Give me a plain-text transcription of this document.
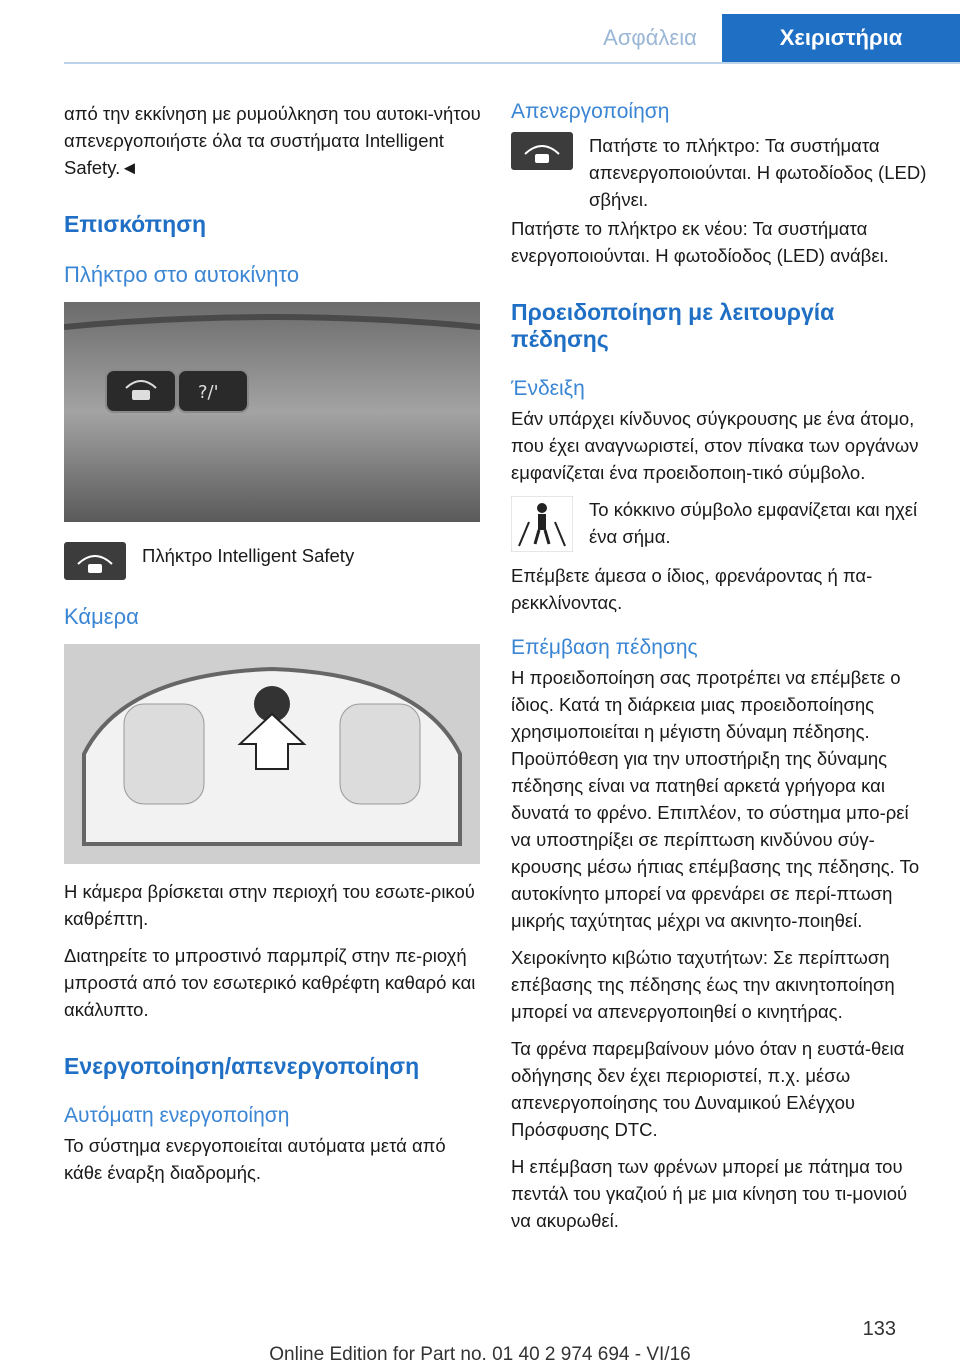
Ασφάλεια	Χειριστήρια

από την εκκίνηση με ρυμούλκηση του αυτοκι‐νήτου απενεργοποιήστε όλα τα συστήματα Intelligent Safety.◄

Επισκόπηση
Πλήκτρο στο αυτοκίνητο
?/'

Πλήκτρο Intelligent Safety

Κάμερα

Η κάμερα βρίσκεται στην περιοχή του εσωτε‐ρικού καθρέπτη.

Διατηρείτε το μπροστινό παρμπρίζ στην πε‐ριοχή μπροστά από τον εσωτερικό καθρέφτη καθαρό και ακάλυπτο.

Ενεργοποίηση/απενεργοποίηση
Αυτόματη ενεργοποίηση

Το σύστημα ενεργοποιείται αυτόματα μετά από κάθε έναρξη διαδρομής.

Απενεργοποίηση

Πατήστε το πλήκτρο: Τα συστήματα απενεργοποιούνται. Η φωτοδίοδος (LED) σβήνει.

Πατήστε το πλήκτρο εκ νέου: Τα συστήματα ενεργοποιούνται. Η φωτοδίοδος (LED) ανάβει.

Προειδοποίηση με λειτουργία πέδησης
Ένδειξη

Εάν υπάρχει κίνδυνος σύγκρουσης με ένα άτομο, που έχει αναγνωριστεί, στον πίνακα των οργάνων εμφανίζεται ένα προειδοποιη‐τικό σύμβολο.

Το κόκκινο σύμβολο εμφανίζεται και ηχεί ένα σήμα.

Επέμβετε άμεσα ο ίδιος, φρενάροντας ή πα‐ρεκκλίνοντας.

Επέμβαση πέδησης

Η προειδοποίηση σας προτρέπει να επέμβετε ο ίδιος. Κατά τη διάρκεια μιας προειδοποίησης χρησιμοποιείται η μέγιστη δύναμη πέδησης. Προϋπόθεση για την υποστήριξη της δύναμης πέδησης είναι να πατηθεί αρκετά γρήγορα και δυνατά το φρένο. Επιπλέον, το σύστημα μπο‐ρεί να υποστηρίξει σε περίπτωση κινδύνου σύγ‐κρουσης μέσω ήπιας επέμβασης της πέδησης. Το αυτοκίνητο μπορεί να φρενάρει σε περί‐πτωση μικρής ταχύτητας μέχρι να ακινητο‐ποιηθεί.

Χειροκίνητο κιβώτιο ταχυτήτων: Σε περίπτωση επέβασης της πέδησης έως την ακινητοποίηση μπορεί να απενεργοποιηθεί ο κινητήρας.

Τα φρένα παρεμβαίνουν μόνο όταν η ευστά‐θεια οδήγησης δεν έχει περιοριστεί, π.χ. μέσω απενεργοποίησης του Δυναμικού Ελέγχου Πρόσφυσης DTC.

Η επέμβαση των φρένων μπορεί με πάτημα του πεντάλ του γκαζιού ή με μια κίνηση του τι‐μονιού να ακυρωθεί.

133
Online Edition for Part no. 01 40 2 974 694 - VI/16
